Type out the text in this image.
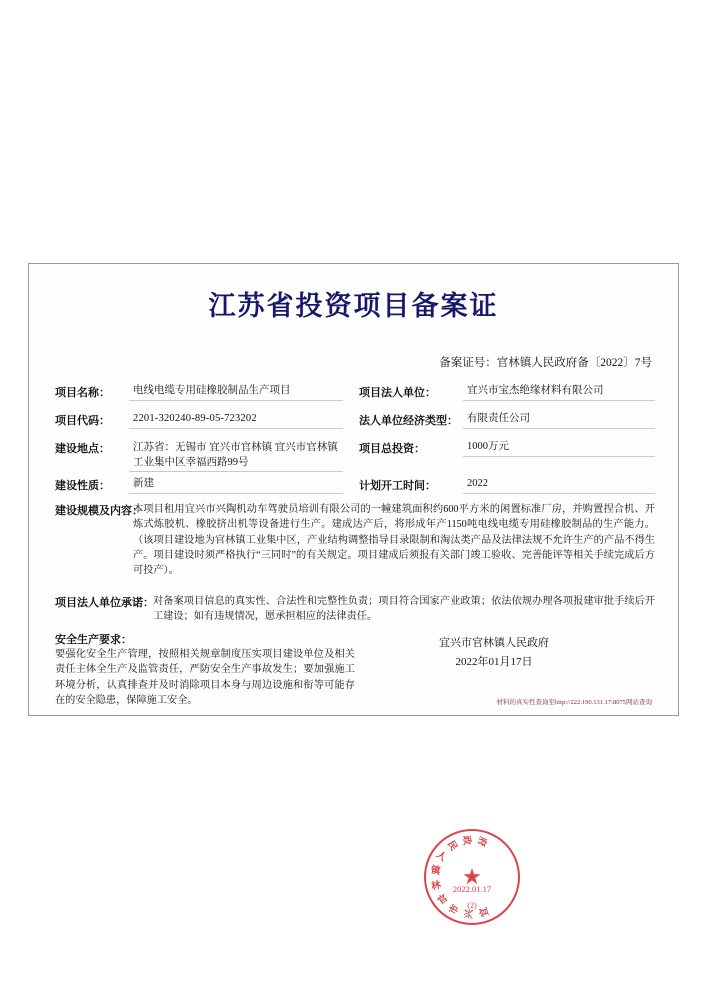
江苏省投资项目备案证
备案证号：官林镇人民政府备〔2022〕7号
项目名称： 电线电缆专用硅橡胶制品生产项目	项目法人单位：	宜兴市宝杰绝缘材料有限公司
项目代码： 2201-320240-89-05-723202	法人单位经济类型： 有限责任公司
建设地点： 江苏省：无锡市 宜兴市官林镇 宜兴市官林镇工业集中区幸福西路99号
项目总投资：	1000万元
建设性质： 新建	计划开工时间：	2022
建设规模及内容：
本项目租用宜兴市兴陶机动车驾驶员培训有限公司的一幢建筑面积约600平方米的闲置标准厂房，并购置捏合机、开炼式炼胶机、橡胶挤出机等设备进行生产。建成达产后，将形成年产1150吨电线电缆专用硅橡胶制品的生产能力。（该项目建设地为官林镇工业集中区，产业结构调整指导目录限制和淘汰类产品及法律法规不允许生产的产品不得生产。项目建设时须严格执行“三同时”的有关规定。项目建成后须报有关部门竣工验收、完善能评等相关手续完成后方可投产）。
项目法人单位承诺： 对备案项目信息的真实性、合法性和完整性负责；项目符合国家产业政策；依法依规办理各项报建审批手续后开工建设；如有违规情况，愿承担相应的法律责任。
安全生产要求：
要强化安全生产管理，按照相关规章制度压实项目建设单位及相关责任主体全生产及监管责任，严防安全生产事故发生；要加强施工环境分析，认真排查并及时消除项目本身与周边设施和衔等可能存在的安全隐患，保障施工安全。
宜兴市官林镇人民政府
2022年01月17日
宜
兴
市
官
林
镇
人
民 政 府
★
2022.01.17
(2)
材料的真实性查询至http://222.190.131.17:8075网站查询
